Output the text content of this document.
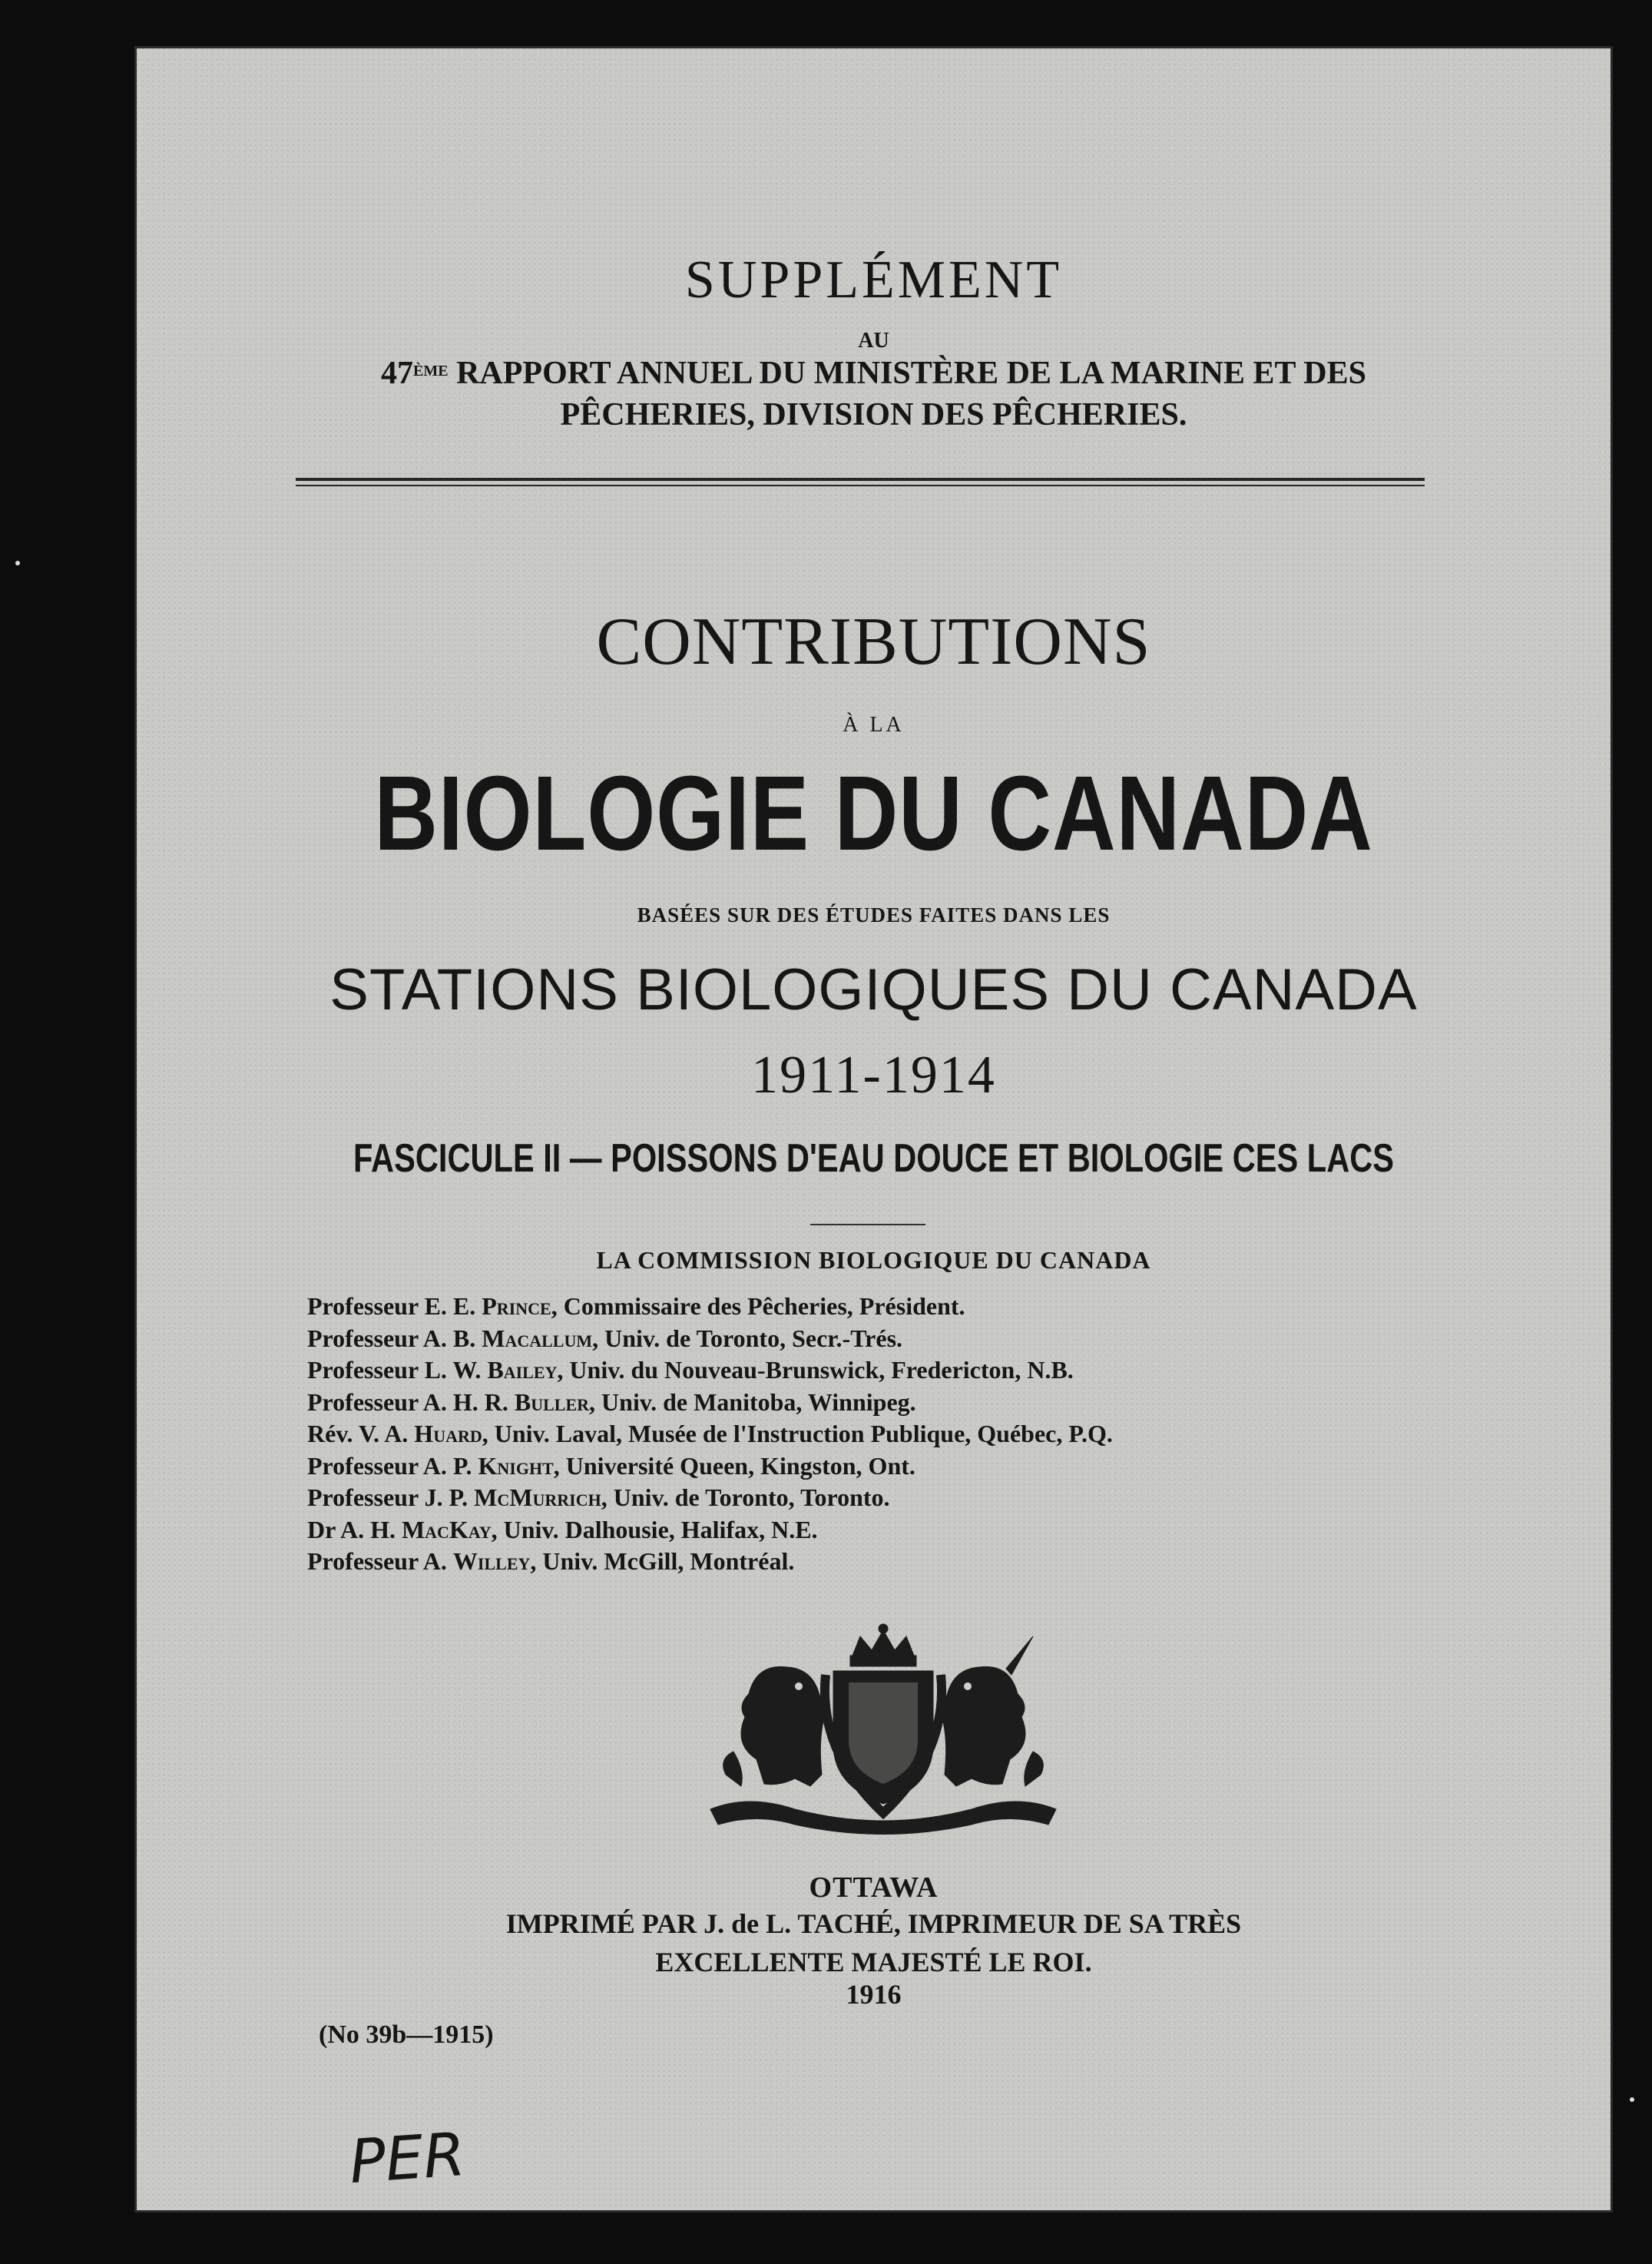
SUPPLÉMENT
AU
47ÈME RAPPORT ANNUEL DU MINISTÈRE DE LA MARINE ET DES
PÊCHERIES, DIVISION DES PÊCHERIES.
CONTRIBUTIONS
À LA
BIOLOGIE DU CANADA
BASÉES SUR DES ÉTUDES FAITES DANS LES
STATIONS BIOLOGIQUES DU CANADA
1911-1914
FASCICULE II — POISSONS D'EAU DOUCE ET BIOLOGIE CES LACS
LA COMMISSION BIOLOGIQUE DU CANADA
Professeur E. E. Prince, Commissaire des Pêcheries, Président.
Professeur A. B. Macallum, Univ. de Toronto, Secr.-Trés.
Professeur L. W. Bailey, Univ. du Nouveau-Brunswick, Fredericton, N.B.
Professeur A. H. R. Buller, Univ. de Manitoba, Winnipeg.
Rév. V. A. Huard, Univ. Laval, Musée de l'Instruction Publique, Québec, P.Q.
Professeur A. P. Knight, Université Queen, Kingston, Ont.
Professeur J. P. McMurrich, Univ. de Toronto, Toronto.
Dr A. H. MacKay, Univ. Dalhousie, Halifax, N.E.
Professeur A. Willey, Univ. McGill, Montréal.
OTTAWA
IMPRIMÉ PAR J. de L. TACHÉ, IMPRIMEUR DE SA TRÈS
EXCELLENTE MAJESTÉ LE ROI.
1916
(No 39b—1915)
PER
